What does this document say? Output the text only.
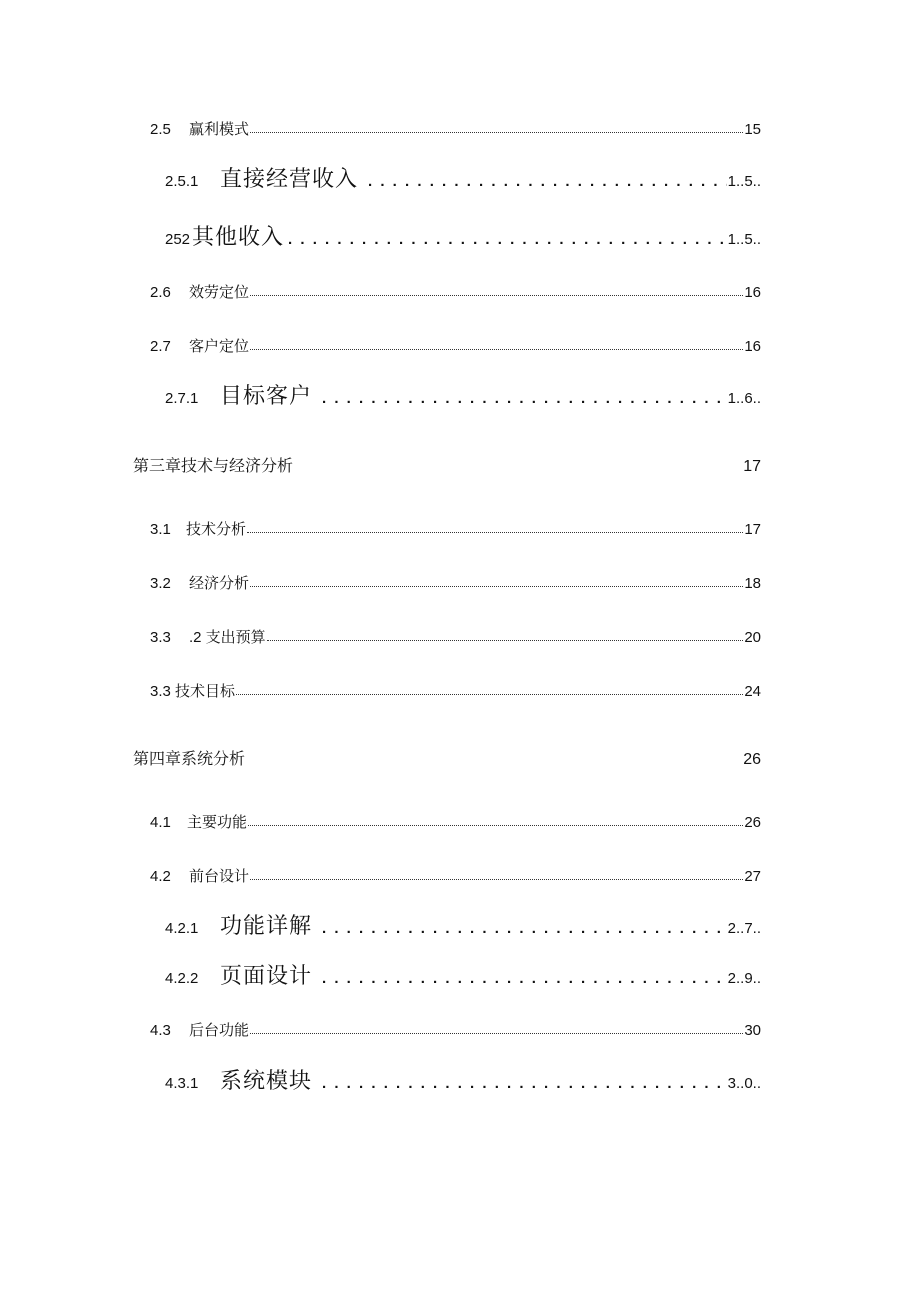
2.5	赢利模式	15
2.5.1 直接经营收入 . . .	1..5..
252 其他收入 . . .	1..5..
2.6	效劳定位	16
2.7	客户定位	16
2.7.1 目标客户 . . .	1..6..
第三章技术与经济分析	17
3.1	技术分析	17
3.2	经济分析	18
3.3	.2 支出预算	20
3.3 技术目标	24
第四章系统分析	26
4.1	主要功能	26
4.2	前台设计	27
4.2.1 功能详解 . . .	2..7..
4.2.2 页面设计 . . .	2..9..
4.3	后台功能	30
4.3.1 系统模块 . . .	3..0..
